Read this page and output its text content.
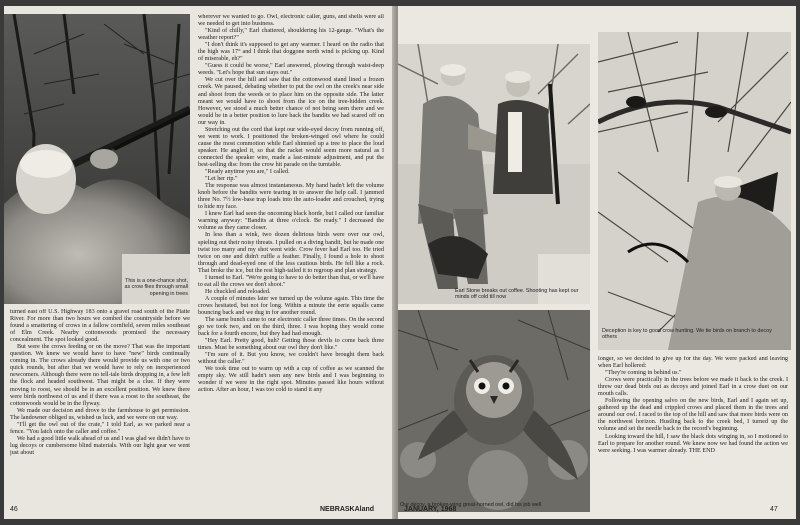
This is a one-chance shot, as crow flies through small opening in trees

turned east off U.S. Highway 183 onto a gravel road south of the Platte River. For more than two hours we combed the countryside before we found a smattering of crows in a fallow cornfield, seven miles southeast of Elm Creek. Nearby cottonwoods promised the necessary concealment. The spot looked good.

But were the crows feeding or on the move? That was the important question. We knew we would have to have "new" birds continually coming in. The crows already there would provide us with one or two quick rounds, but after that we would have to rely on inexperienced newcomers. Although there were no tell-tale birds dropping in, a few left the flock and headed southwest. That might be a clue. If they were moving to roost, we should be in an excellent position. We knew there were birds northwest of us and if there was a roost to the southeast, the cottonwoods would be in the flyway.

We made our decision and drove to the farmhouse to get permission. The landowner obliged us, wished us luck, and we were on our way.

"I'll get the owl out of the crate," I told Earl, as we parked near a fence. "You latch onto the caller and coffee."

We had a good little walk ahead of us and I was glad we didn't have to lug decoys or cumbersome blind materials. With our light gear we went just about

wherever we wanted to go. Owl, electronic caller, guns, and shells were all we needed to get into business.

"Kind of chilly," Earl chattered, shouldering his 12-gauge. "What's the weather report?"

"I don't think it's supposed to get any warmer. I heard on the radio that the high was 17° and I think that doggone north wind is picking up. Kind of miserable, eh?"

"Guess it could be worse," Earl answered, plowing through waist-deep weeds. "Let's hope that sun stays out."

We cut over the hill and saw that the cottonwood stand lined a frozen creek. We paused, debating whether to put the owl on the creek's near side and shoot from the weeds or to place him on the opposite side. The latter meant we would have to shoot from the ice on the tree-hidden creek. However, we stood a much better chance of not being seen there and we would be in a better position to lure back the bandits we had scared off on our way in.

Stretching out the cord that kept our wide-eyed decoy from running off, we went to work. I positioned the broken-winged owl where he could cause the most commotion while Earl shinnied up a tree to place the loud speaker. He angled it, so that the racket would seem more natural as I connected the speaker wire, made a last-minute adjustment, and put the best-selling disc from the crow hit parade on the turntable.

"Ready anytime you are," I called.

"Let her rip."

The response was almost instantaneous. My hand hadn't left the volume knob before the bandits were tearing in to answer the help call. I jammed three No. 7½ low-base trap loads into the auto-loader and crouched, trying to hide my face.

I knew Earl had seen the oncoming black horde, but I called our familiar warning anyway: "Bandits at three o'clock. Be ready." I decreased the volume as they came closer.

In less than a wink, two dozen delirious birds were over our owl, spieling out their noisy threats. I pulled on a diving bandit, but he made one twist too many and my shot went wide. Crow fever had Earl too. He tried twice on one and didn't ruffle a feather. Finally, I found a hole to shoot through and dead-eyed one of the less cautious birds. He fell like a rock. That broke the ice, but the rest high-tailed it to regroup and plan strategy.

I turned to Earl. "We're going to have to do better than that, or we'll have to eat all the crows we don't shoot."

He chuckled and reloaded.

A couple of minutes later we turned up the volume again. This time the crows hesitated, but not for long. Within a minute the eerie squalls came bouncing back and we dug in for another round.

The same bunch came to our electronic caller three times. On the second go we took two, and on the third, three. I was hoping they would come back for a fourth encore, but they had had enough.

"Hey Earl. Pretty good, huh? Getting those devils to come back three times. Must be something about our owl they don't like."

"I'm sure of it. But you know, we couldn't have brought them back without the caller."

We took time out to warm up with a cup of coffee as we scanned the empty sky. We still hadn't seen any new birds and I was beginning to wonder if we were in the right spot. Minutes passed like hours without action. After an hour, I was too cold to stand it any

46	NEBRASKAland
Earl Stone breaks out coffee. Shooting has kept our minds off cold till now
Deception is key to good crow hunting. We tie birds on branch to decoy others
Our decoy, a broken-wing great-horned owl, did his job well

longer, so we decided to give up for the day. We were packed and leaving when Earl hollered:

"They're coming in behind us."

Crows were practically in the trees before we made it back to the creek. I threw our dead birds out as decoys and joined Earl in a crow duet on our mouth calls.

Following the opening salvo on the new birds, Earl and I again set up, gathered up the dead and crippled crows and placed them in the trees and around our owl. I raced to the top of the hill and saw that more birds were on the northwest horizon. Hustling back to the creek bed, I turned up the volume and set the needle back to the record's beginning.

Looking toward the hill, I saw the black dots winging in, so I motioned to Earl to prepare for another round. We knew now we had found the action we were seeking. I was warmer already. THE END

JANUARY, 1968	47
